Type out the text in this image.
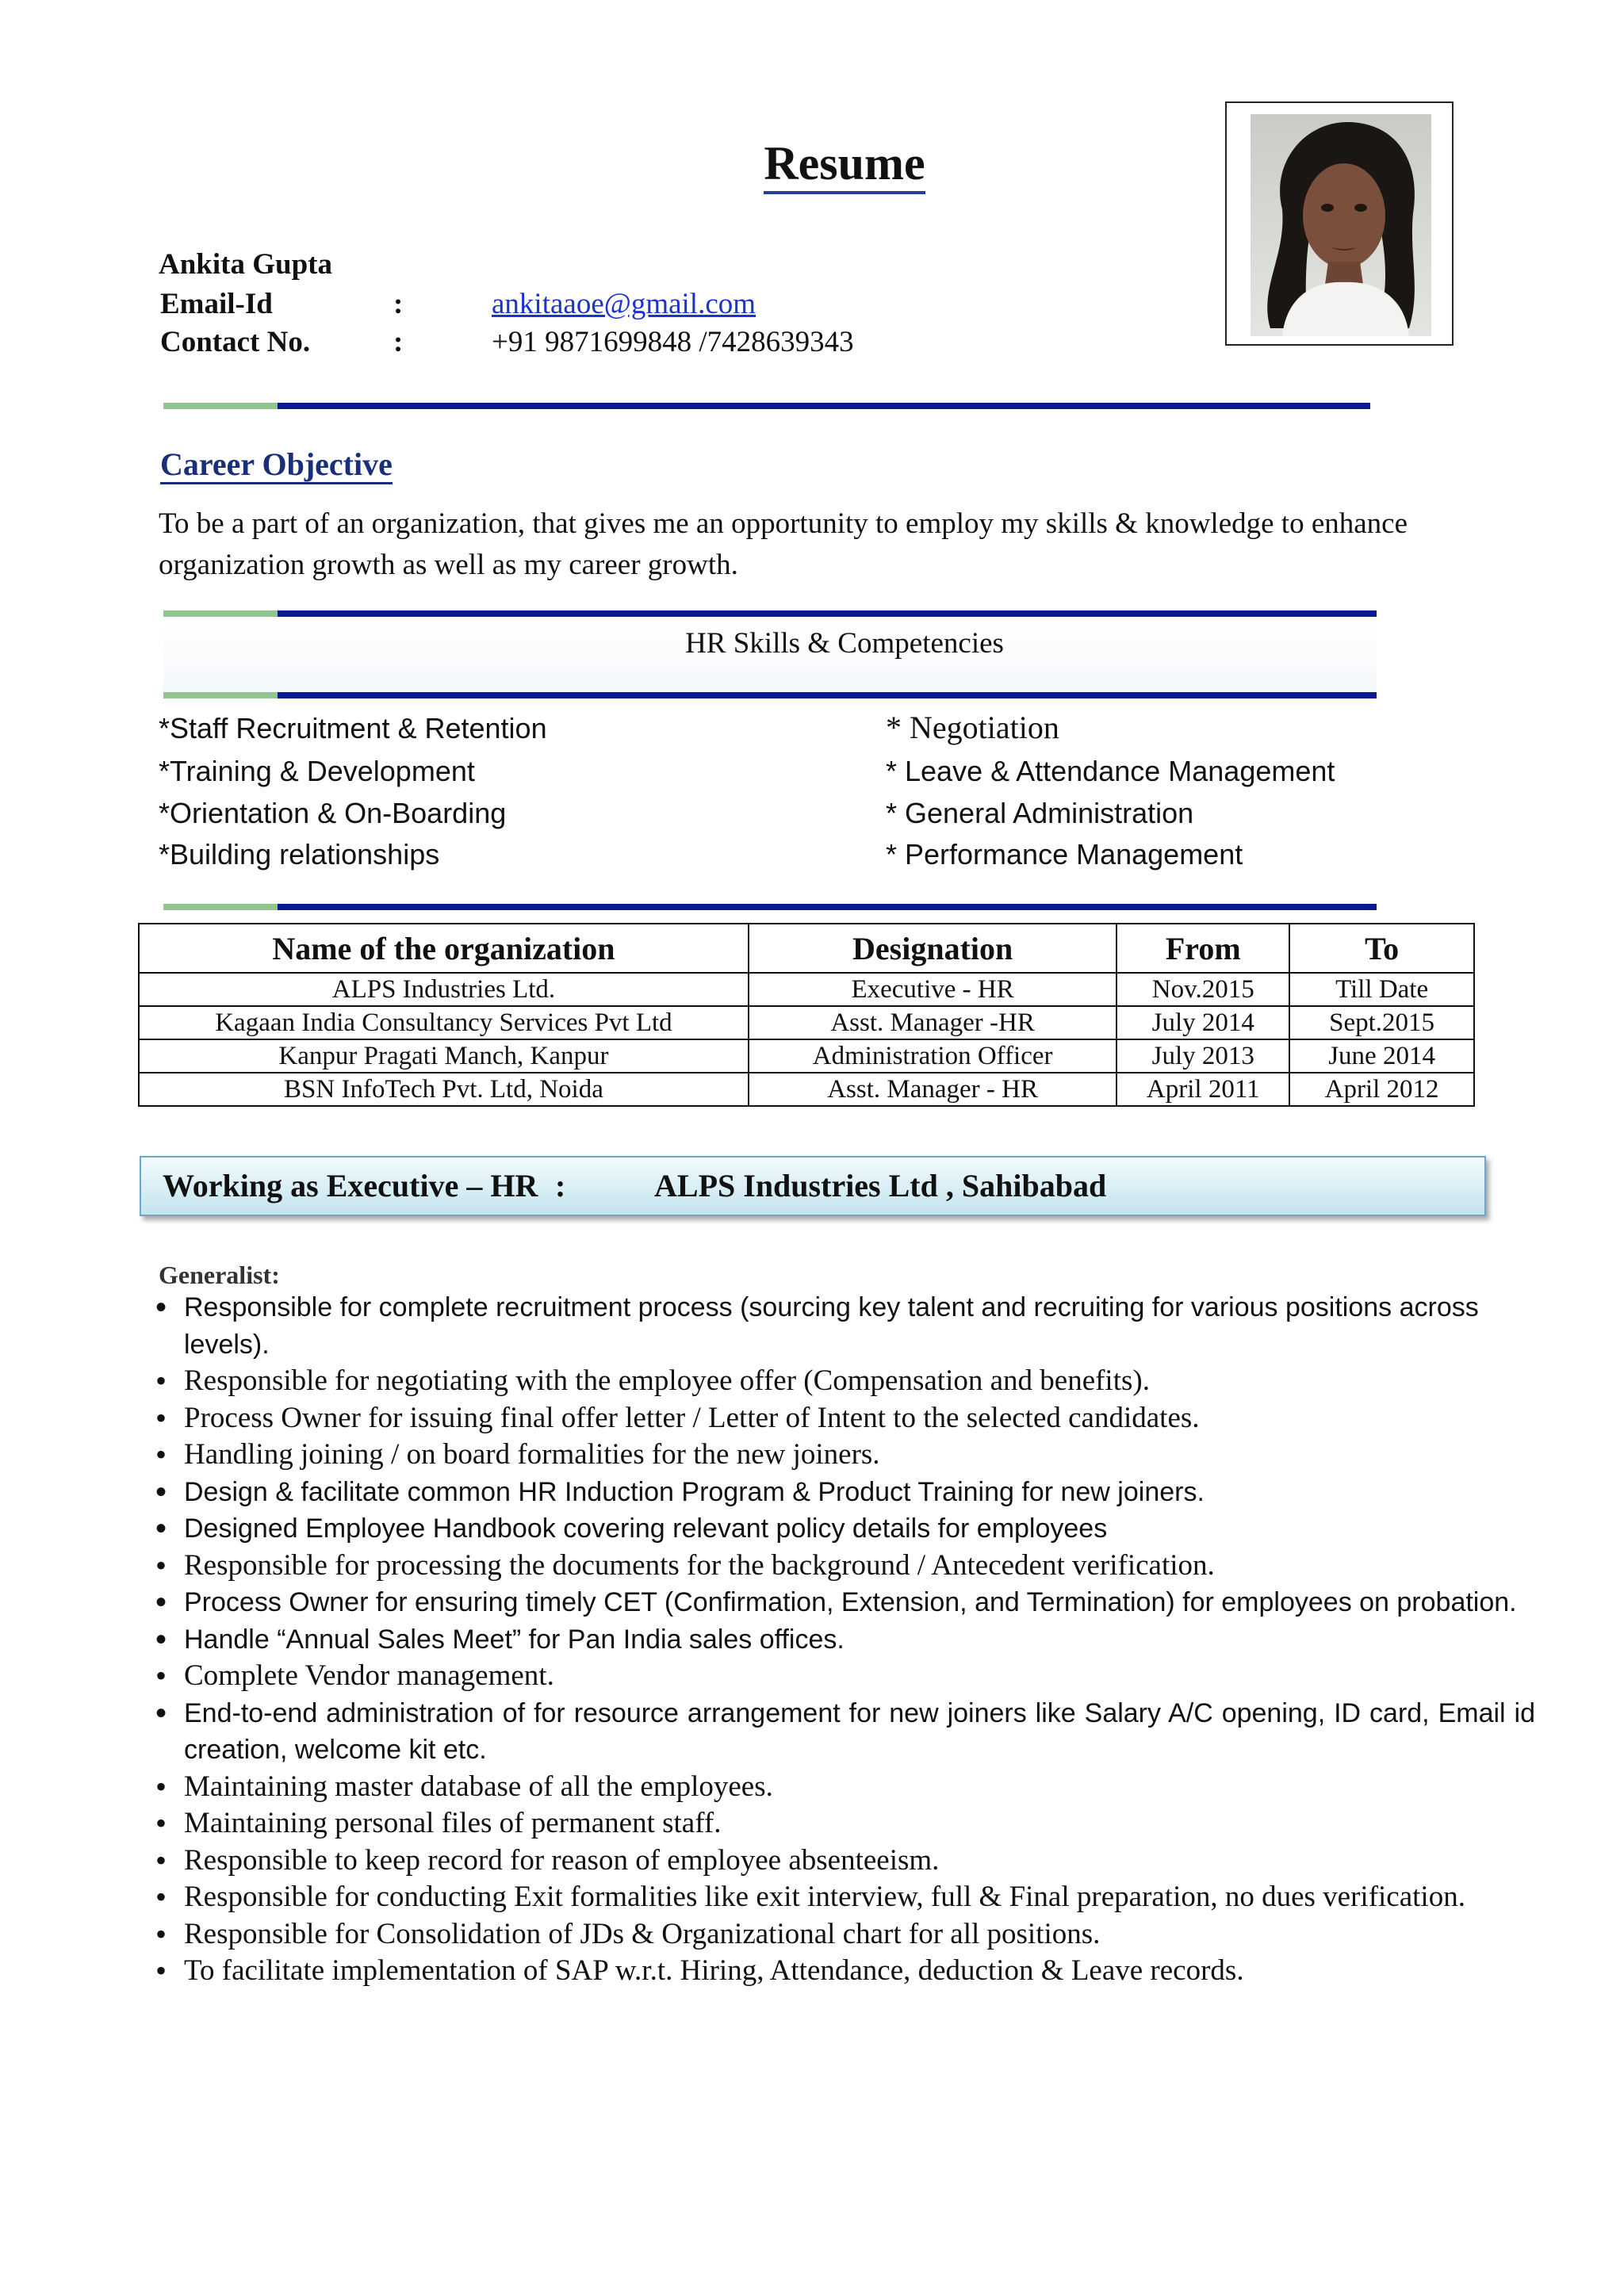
Resume
Ankita Gupta
Email-Id	:	ankitaaoe@gmail.com
Contact No.	:	+91 9871699848 /7428639343
Career Objective
To be a part of an organization, that gives me an opportunity to employ my skills & knowledge to enhance organization growth as well as my career growth.
HR Skills & Competencies
*Staff Recruitment & Retention
*Training & Development
*Orientation & On-Boarding
*Building relationships
* Negotiation
* Leave & Attendance Management
* General Administration
* Performance Management
Name of the organization	Designation	From	To
ALPS Industries Ltd.	Executive - HR	Nov.2015	Till Date
Kagaan India Consultancy Services Pvt Ltd	Asst. Manager -HR	July 2014	Sept.2015
Kanpur Pragati Manch, Kanpur	Administration Officer	July 2013	June 2014
BSN InfoTech Pvt. Ltd, Noida	Asst. Manager - HR	April 2011	April 2012
Working as Executive – HR :	ALPS Industries Ltd , Sahibabad
Generalist:
• Responsible for complete recruitment process (sourcing key talent and recruiting for various positions across levels).
• Responsible for negotiating with the employee offer (Compensation and benefits).
• Process Owner for issuing final offer letter / Letter of Intent to the selected candidates.
• Handling joining / on board formalities for the new joiners.
• Design & facilitate common HR Induction Program & Product Training for new joiners.
• Designed Employee Handbook covering relevant policy details for employees
• Responsible for processing the documents for the background / Antecedent verification.
• Process Owner for ensuring timely CET (Confirmation, Extension, and Termination) for employees on probation.
• Handle “Annual Sales Meet” for Pan India sales offices.
• Complete Vendor management.
• End-to-end administration of for resource arrangement for new joiners like Salary A/C opening, ID card, Email id creation, welcome kit etc.
• Maintaining master database of all the employees.
• Maintaining personal files of permanent staff.
• Responsible to keep record for reason of employee absenteeism.
• Responsible for conducting Exit formalities like exit interview, full & Final preparation, no dues verification.
• Responsible for Consolidation of JDs & Organizational chart for all positions.
• To facilitate implementation of SAP w.r.t. Hiring, Attendance, deduction & Leave records.
